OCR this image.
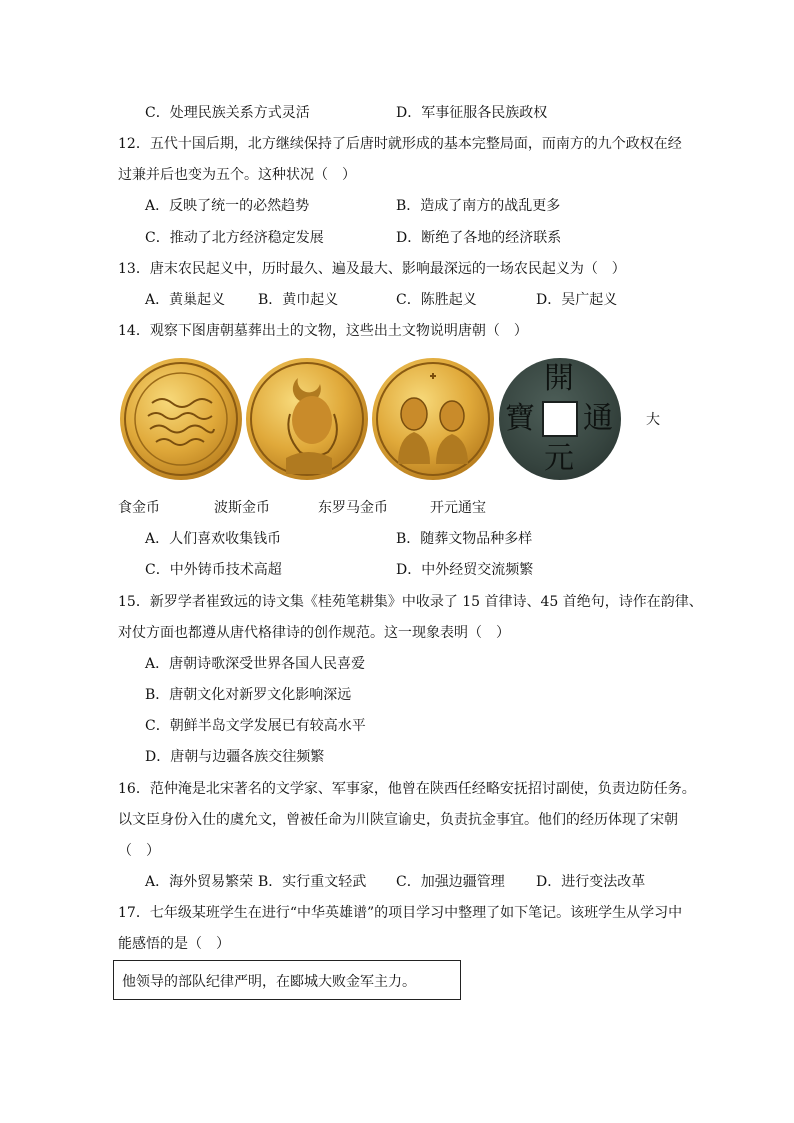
C．处理民族关系方式灵活	D．军事征服各民族政权
12．五代十国后期，北方继续保持了后唐时就形成的基本完整局面，而南方的九个政权在经
过兼并后也变为五个。这种状况（　）
A．反映了统一的必然趋势	B．造成了南方的战乱更多
C．推动了北方经济稳定发展	D．断绝了各地的经济联系
13．唐末农民起义中，历时最久、遍及最大、影响最深远的一场农民起义为（　）
A．黄巢起义 B．黄巾起义	C．陈胜起义	D．吴广起义
14．观察下图唐朝墓葬出土的文物，这些出土文物说明唐朝（　）
開
通
元
寶	大
食金币	波斯金币	东罗马金币	开元通宝
A．人们喜欢收集钱币	B．随葬文物品种多样
C．中外铸币技术高超	D．中外经贸交流频繁
15．新罗学者崔致远的诗文集《桂苑笔耕集》中收录了 15 首律诗、45 首绝句，诗作在韵律、
对仗方面也都遵从唐代格律诗的创作规范。这一现象表明（　）
A．唐朝诗歌深受世界各国人民喜爱
B．唐朝文化对新罗文化影响深远
C．朝鲜半岛文学发展已有较高水平
D．唐朝与边疆各族交往频繁
16．范仲淹是北宋著名的文学家、军事家，他曾在陕西任经略安抚招讨副使，负责边防任务。
以文臣身份入仕的虞允文，曾被任命为川陕宣谕史，负责抗金事宜。他们的经历体现了宋朝
（　）
A．海外贸易繁荣 B．实行重文轻武 C．加强边疆管理 D．进行变法改革
17．七年级某班学生在进行“中华英雄谱”的项目学习中整理了如下笔记。该班学生从学习中
能感悟的是（　）
他领导的部队纪律严明，在郾城大败金军主力。
